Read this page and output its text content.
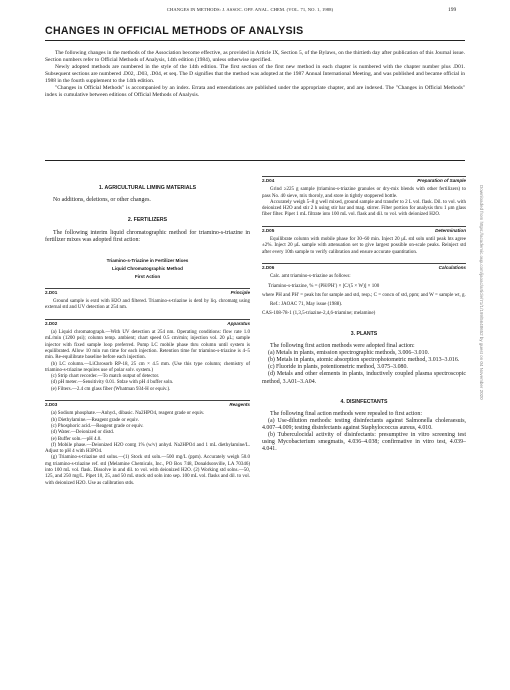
CHANGES IN METHODS: J. ASSOC. OFF. ANAL. CHEM. (VOL. 71, NO. 1, 1988)	199
CHANGES IN OFFICIAL METHODS OF ANALYSIS

The following changes in the methods of the Association become effective, as provided in Article IX, Section 5, of the Bylaws, on the thirtieth day after publication of this Journal issue. Section numbers refer to Official Methods of Analysis, 14th edition (1984), unless otherwise specified.

Newly adopted methods are numbered in the style of the 14th edition. The first section of the first new method in each chapter is numbered with the chapter number plus .D01. Subsequent sections are numbered .D02, .D03, .D04, et seq. The D signifies that the method was adopted at the 1987 Annual International Meeting, and was published and became official in 1988 in the fourth supplement to the 14th edition.

"Changes in Official Methods" is accompanied by an index. Errata and emendations are published under the appropriate chapter, and are indexed. The "Changes in Official Methods" index is cumulative between editions of Official Methods of Analysis.

1. AGRICULTURAL LIMING MATERIALS

No additions, deletions, or other changes.

2. FERTILIZERS

The following interim liquid chromatographic method for triamino-s-triazine in fertilizer mixes was adopted first action:

Triamino-s-Triazine in Fertilizer Mixes
Liquid Chromatographic Method
First Action
2.D01	Principle

Ground sample is extd with H2O and filtered. Triamino-s-triazine is detd by liq. chromatg using external std and UV detection at 254 nm.

2.D02	Apparatus

(a) Liquid chromatograph.—With UV detection at 254 nm. Operating conditions: flow rate 1.0 mL/min (1200 psi); column temp. ambient; chart speed 0.5 cm/min; injection vol. 20 μL; sample injector with fixed sample loop preferred. Pump LC mobile phase thru column until system is equilibrated. Allow 10 min run time for each injection. Retention time for triamino-s-triazine is 4–5 min. Re-equilibrate baseline before each injection.

(b) LC column.—LiChrosorb RP-18, 25 cm × 4.5 mm. (Use this type column; chemistry of triamino-s-triazine requires use of polar solv. system.)

(c) Strip chart recorder.—To match output of detector.

(d) pH meter.—Sensitivity 0.01. Stdze with pH 4 buffer soln.

(e) Filters.—2.4 cm glass fiber (Whatman 934-H or equiv.).

2.D03	Reagents

(a) Sodium phosphate.—Anhyd., dibasic. Na2HPO4, reagent grade or equiv.

(b) Diethylamine.—Reagent grade or equiv.

(c) Phosphoric acid.—Reagent grade or equiv.

(d) Water.—Deionized or distd.

(e) Buffer soln.—pH 4.0.

(f) Mobile phase.—Deionized H2O contg 1% (w/v) anhyd. Na2HPO4 and 1 mL diethylamine/L. Adjust to pH 4 with H3PO4.

(g) Triamino-s-triazine std solns.—(1) Stock std soln.—500 mg/L (ppm). Accurately weigh 50.0 mg triamino-s-triazine ref. std (Melamine Chemicals, Inc., PO Box 748, Donaldsonville, LA 70346) into 100 mL vol. flask. Dissolve in and dil. to vol. with deionized H2O. (2) Working std solns.—50, 125, and 250 mg/L. Pipet 10, 25, and 50 mL stock std soln into sep. 100 mL vol. flasks and dil. to vol. with deionized H2O. Use as calibration stds.

2.D04	Preparation of Sample

Grind ≥225 g sample (triamino-s-triazine granules or dry-mix blends with other fertilizers) to pass No. 40 sieve, mix thoroly, and store in tightly stoppered bottle.

Accurately weigh 5–8 g well mixed, ground sample and transfer to 2 L vol. flask. Dil. to vol. with deionized H2O and stir 2 h using stir bar and mag. stirrer. Filter portion for analysis thru 1 μm glass fiber filter. Pipet 1 mL filtrate into 100 mL vol. flask and dil. to vol. with deionized H2O.

2.D05	Determination

Equilibrate column with mobile phase for 30–60 min. Inject 20 μL std soln until peak hts agree ±2%. Inject 20 μL sample with attenuation set to give largest possible on-scale peaks. Reinject std after every 10th sample to verify calibration and ensure accurate quantitation.

2.D06	Calculations

Calc. amt triamino-s-triazine as follows:

Triamino-s-triazine, % = (PH/PH′) × [C/(5 × W)] × 100

where PH and PH′ = peak hts for sample and std, resp.; C = concn of std, ppm; and W = sample wt, g.

Ref.: JAOAC 71, May issue (1988).

CAS-108-78-1 (1,3,5-triazine-2,4,6-triamine; melamine)

3. PLANTS

The following first action methods were adopted final action:

(a) Metals in plants, emission spectrographic methods, 3.006–3.010.

(b) Metals in plants, atomic absorption spectrophotometric method, 3.013–3.016.

(c) Fluoride in plants, potentiometric method, 3.075–3.080.

(d) Metals and other elements in plants, inductively coupled plasma spectroscopic method, 3.A01–3.A04.

4. DISINFECTANTS

The following final action methods were repealed to first action:

(a) Use-dilution methods: testing disinfectants against Salmonella choleraesuis, 4.007–4.009; testing disinfectants against Staphylococcus aureus, 4.010.

(b) Tuberculocidal activity of disinfectants: presumptive in vitro screening test using Mycobacterium smegmatis, 4.036–4.038; confirmative in vitro test, 4.039–4.041.

Downloaded from https://academic.oup.com/jaoac/article/71/1/199/5648652 by guest on 04 November 2020
